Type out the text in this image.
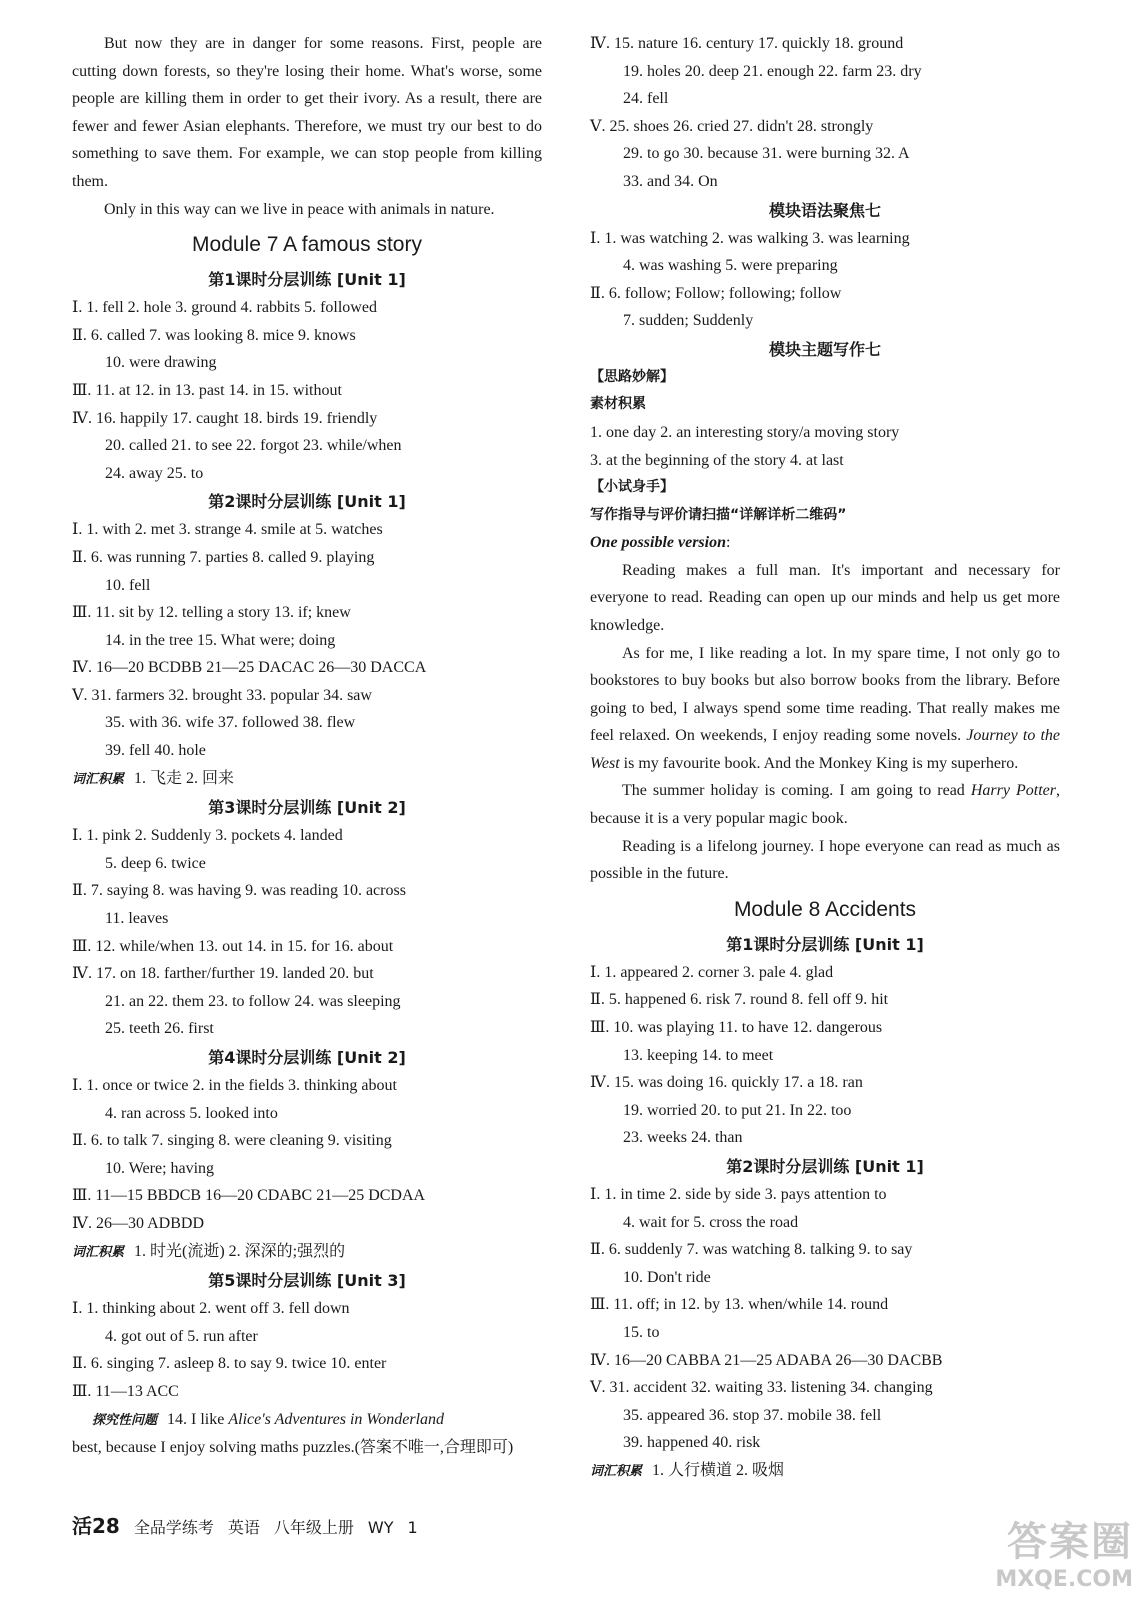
But now they are in danger for some reasons. First, people are cutting down forests, so they're losing their home. What's worse, some people are killing them in order to get their ivory. As a result, there are fewer and fewer Asian elephants. Therefore, we must try our best to do something to save them. For example, we can stop people from killing them.
Only in this way can we live in peace with animals in nature.
Module 7 A famous story
第1课时分层训练 [Unit 1]
Ⅰ. 1. fell 2. hole 3. ground 4. rabbits 5. followed
Ⅱ. 6. called 7. was looking 8. mice 9. knows
10. were drawing
Ⅲ. 11. at 12. in 13. past 14. in 15. without
Ⅳ. 16. happily 17. caught 18. birds 19. friendly
20. called 21. to see 22. forgot 23. while/when
24. away 25. to
第2课时分层训练 [Unit 1]
Ⅰ. 1. with 2. met 3. strange 4. smile at 5. watches
Ⅱ. 6. was running 7. parties 8. called 9. playing
10. fell
Ⅲ. 11. sit by 12. telling a story 13. if; knew
14. in the tree 15. What were; doing
Ⅳ. 16—20 BCDBB 21—25 DACAC 26—30 DACCA
Ⅴ. 31. farmers 32. brought 33. popular 34. saw
35. with 36. wife 37. followed 38. flew
39. fell 40. hole
词汇积累 1. 飞走 2. 回来
第3课时分层训练 [Unit 2]
Ⅰ. 1. pink 2. Suddenly 3. pockets 4. landed
5. deep 6. twice
Ⅱ. 7. saying 8. was having 9. was reading 10. across
11. leaves
Ⅲ. 12. while/when 13. out 14. in 15. for 16. about
Ⅳ. 17. on 18. farther/further 19. landed 20. but
21. an 22. them 23. to follow 24. was sleeping
25. teeth 26. first
第4课时分层训练 [Unit 2]
Ⅰ. 1. once or twice 2. in the fields 3. thinking about
4. ran across 5. looked into
Ⅱ. 6. to talk 7. singing 8. were cleaning 9. visiting
10. Were; having
Ⅲ. 11—15 BBDCB 16—20 CDABC 21—25 DCDAA
Ⅳ. 26—30 ADBDD
词汇积累 1. 时光(流逝) 2. 深深的;强烈的
第5课时分层训练 [Unit 3]
Ⅰ. 1. thinking about 2. went off 3. fell down
4. got out of 5. run after
Ⅱ. 6. singing 7. asleep 8. to say 9. twice 10. enter
Ⅲ. 11—13 ACC
探究性问题 14. I like Alice's Adventures in Wonderland
best, because I enjoy solving maths puzzles.(答案不唯一,合理即可)
Ⅳ. 15. nature 16. century 17. quickly 18. ground
19. holes 20. deep 21. enough 22. farm 23. dry
24. fell
Ⅴ. 25. shoes 26. cried 27. didn't 28. strongly
29. to go 30. because 31. were burning 32. A
33. and 34. On
模块语法聚焦七
Ⅰ. 1. was watching 2. was walking 3. was learning
4. was washing 5. were preparing
Ⅱ. 6. follow; Follow; following; follow
7. sudden; Suddenly
模块主题写作七
【思路妙解】
素材积累
1. one day 2. an interesting story/a moving story
3. at the beginning of the story 4. at last
【小试身手】
写作指导与评价请扫描“详解详析二维码”
One possible version:
Reading makes a full man. It's important and necessary for everyone to read. Reading can open up our minds and help us get more knowledge.
As for me, I like reading a lot. In my spare time, I not only go to bookstores to buy books but also borrow books from the library. Before going to bed, I always spend some time reading. That really makes me feel relaxed. On weekends, I enjoy reading some novels. Journey to the West is my favourite book. And the Monkey King is my superhero.
The summer holiday is coming. I am going to read Harry Potter, because it is a very popular magic book.
Reading is a lifelong journey. I hope everyone can read as much as possible in the future.
Module 8 Accidents
第1课时分层训练 [Unit 1]
Ⅰ. 1. appeared 2. corner 3. pale 4. glad
Ⅱ. 5. happened 6. risk 7. round 8. fell off 9. hit
Ⅲ. 10. was playing 11. to have 12. dangerous
13. keeping 14. to meet
Ⅳ. 15. was doing 16. quickly 17. a 18. ran
19. worried 20. to put 21. In 22. too
23. weeks 24. than
第2课时分层训练 [Unit 1]
Ⅰ. 1. in time 2. side by side 3. pays attention to
4. wait for 5. cross the road
Ⅱ. 6. suddenly 7. was watching 8. talking 9. to say
10. Don't ride
Ⅲ. 11. off; in 12. by 13. when/while 14. round
15. to
Ⅳ. 16—20 CABBA 21—25 ADABA 26—30 DACBB
Ⅴ. 31. accident 32. waiting 33. listening 34. changing
35. appeared 36. stop 37. mobile 38. fell
39. happened 40. risk
词汇积累 1. 人行横道 2. 吸烟
活28 全品学练考 英语 八年级上册 WY 1	答案圈
MXQE.COM
